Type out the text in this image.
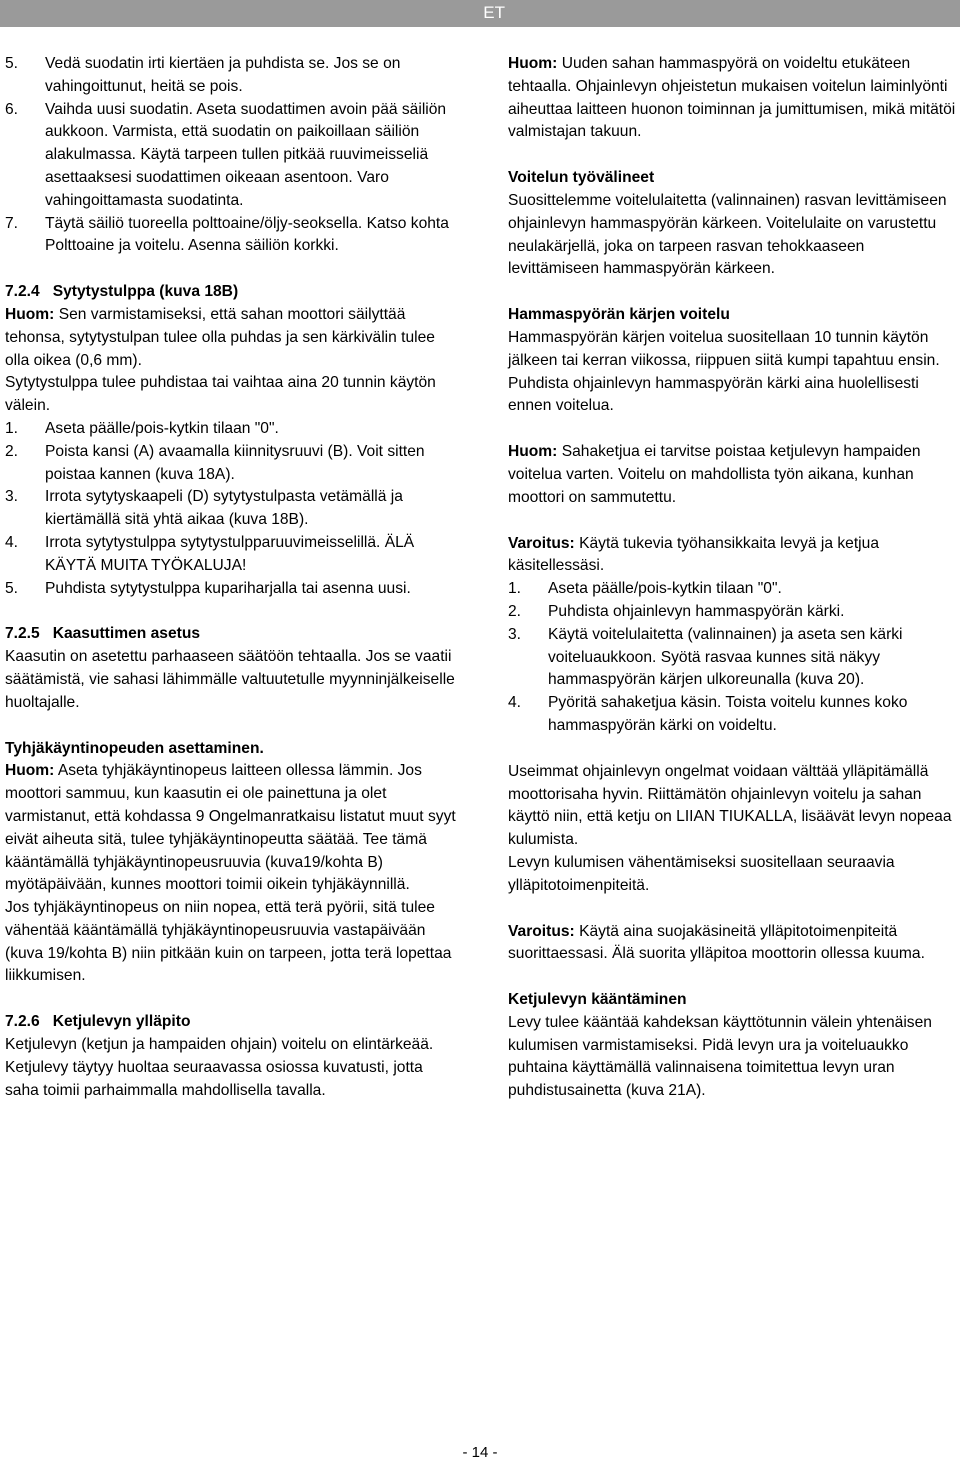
ET
5. Vedä suodatin irti kiertäen ja puhdista se. Jos se on vahingoittunut, heitä se pois.
6. Vaihda uusi suodatin. Aseta suodattimen avoin pää säiliön aukkoon. Varmista, että suodatin on paikoillaan säiliön alakulmassa. Käytä tarpeen tullen pitkää ruuvimeisseliä asettaaksesi suodattimen oikeaan asentoon. Varo vahingoittamasta suodatinta.
7. Täytä säiliö tuoreella polttoaine/öljy-seoksella. Katso kohta Polttoaine ja voitelu. Asenna säiliön korkki.

7.2.4 Sytytystulppa (kuva 18B)

Huom: Sen varmistamiseksi, että sahan moottori säilyttää tehonsa, sytytystulpan tulee olla puhdas ja sen kärkivälin tulee olla oikea (0,6 mm).

Sytytystulppa tulee puhdistaa tai vaihtaa aina 20 tunnin käytön välein.

1. Aseta päälle/pois-kytkin tilaan "0".
2. Poista kansi (A) avaamalla kiinnitysruuvi (B). Voit sitten poistaa kannen (kuva 18A).
3. Irrota sytytyskaapeli (D) sytytystulpasta vetämällä ja kiertämällä sitä yhtä aikaa (kuva 18B).
4. Irrota sytytystulppa sytytystulpparuuvimeisselillä. ÄLÄ KÄYTÄ MUITA TYÖKALUJA!
5. Puhdista sytytystulppa kupariharjalla tai asenna uusi.

7.2.5 Kaasuttimen asetus

Kaasutin on asetettu parhaaseen säätöön tehtaalla. Jos se vaatii säätämistä, vie sahasi lähimmälle valtuutetulle myynninjälkeiselle huoltajalle.

Tyhjäkäyntinopeuden asettaminen.

Huom: Aseta tyhjäkäyntinopeus laitteen ollessa lämmin. Jos moottori sammuu, kun kaasutin ei ole painettuna ja olet varmistanut, että kohdassa 9 Ongelmanratkaisu listatut muut syyt eivät aiheuta sitä, tulee tyhjäkäyntinopeutta säätää. Tee tämä kääntämällä tyhjäkäyntinopeusruuvia (kuva19/kohta B) myötäpäivään, kunnes moottori toimii oikein tyhjäkäynnillä.

Jos tyhjäkäyntinopeus on niin nopea, että terä pyörii, sitä tulee vähentää kääntämällä tyhjäkäyntinopeusruuvia vastapäivään (kuva 19/kohta B) niin pitkään kuin on tarpeen, jotta terä lopettaa liikkumisen.

7.2.6 Ketjulevyn ylläpito

Ketjulevyn (ketjun ja hampaiden ohjain) voitelu on elintärkeää. Ketjulevy täytyy huoltaa seuraavassa osiossa kuvatusti, jotta saha toimii parhaimmalla mahdollisella tavalla.

Huom: Uuden sahan hammaspyörä on voideltu etukäteen tehtaalla. Ohjainlevyn ohjeistetun mukaisen voitelun laiminlyönti aiheuttaa laitteen huonon toiminnan ja jumittumisen, mikä mitätöi valmistajan takuun.

Voitelun työvälineet

Suosittelemme voitelulaitetta (valinnainen) rasvan levittämiseen ohjainlevyn hammaspyörän kärkeen. Voitelulaite on varustettu neulakärjellä, joka on tarpeen rasvan tehokkaaseen levittämiseen hammaspyörän kärkeen.

Hammaspyörän kärjen voitelu

Hammaspyörän kärjen voitelua suositellaan 10 tunnin käytön jälkeen tai kerran viikossa, riippuen siitä kumpi tapahtuu ensin. Puhdista ohjainlevyn hammaspyörän kärki aina huolellisesti ennen voitelua.

Huom: Sahaketjua ei tarvitse poistaa ketjulevyn hampaiden voitelua varten. Voitelu on mahdollista työn aikana, kunhan moottori on sammutettu.

Varoitus: Käytä tukevia työhansikkaita levyä ja ketjua käsitellessäsi.

1. Aseta päälle/pois-kytkin tilaan "0".
2. Puhdista ohjainlevyn hammaspyörän kärki.
3. Käytä voitelulaitetta (valinnainen) ja aseta sen kärki voiteluaukkoon. Syötä rasvaa kunnes sitä näkyy hammaspyörän kärjen ulkoreunalla (kuva 20).
4. Pyöritä sahaketjua käsin. Toista voitelu kunnes koko hammaspyörän kärki on voideltu.

Useimmat ohjainlevyn ongelmat voidaan välttää ylläpitämällä moottorisaha hyvin. Riittämätön ohjainlevyn voitelu ja sahan käyttö niin, että ketju on LIIAN TIUKALLA, lisäävät levyn nopeaa kulumista.

Levyn kulumisen vähentämiseksi suositellaan seuraavia ylläpitotoimenpiteitä.

Varoitus: Käytä aina suojakäsineitä ylläpitotoimenpiteitä suorittaessasi. Älä suorita ylläpitoa moottorin ollessa kuuma.

Ketjulevyn kääntäminen

Levy tulee kääntää kahdeksan käyttötunnin välein yhtenäisen kulumisen varmistamiseksi. Pidä levyn ura ja voiteluaukko puhtaina käyttämällä valinnaisena toimitettua levyn uran puhdistusainetta (kuva 21A).

- 14 -
